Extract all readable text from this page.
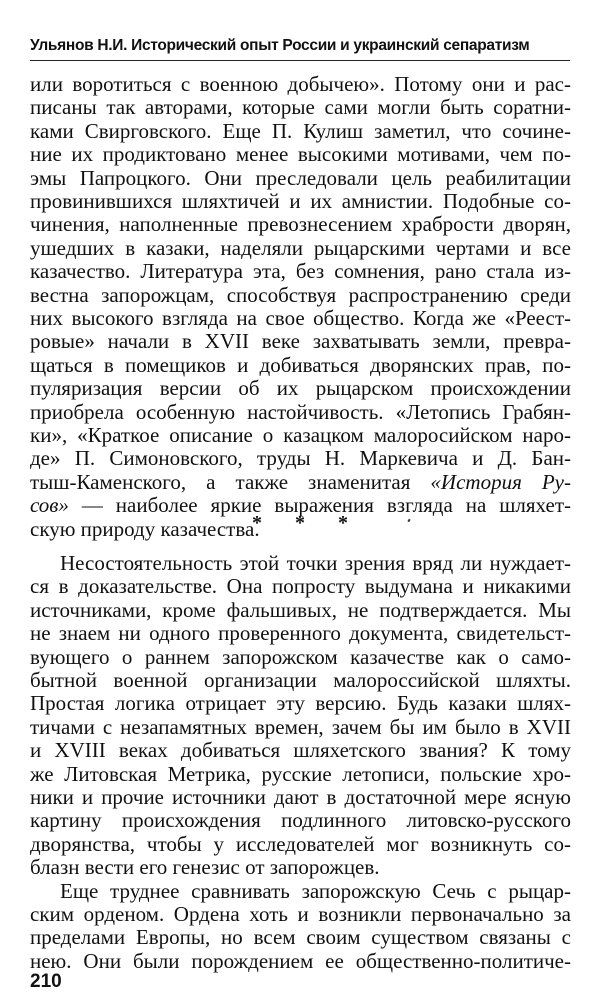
Ульянов Н.И. Исторический опыт России и украинский сепаратизм
или воротиться с военною добычею». Потому они и рас-
писаны так авторами, которые сами могли быть соратни-
ками Свирговского. Еще П. Кулиш заметил, что сочине-
ние их продиктовано менее высокими мотивами, чем по-
эмы Папроцкого. Они преследовали цель реабилитации
провинившихся шляхтичей и их амнистии. Подобные со-
чинения, наполненные превознесением храбрости дворян,
ушедших в казаки, наделяли рыцарскими чертами и все
казачество. Литература эта, без сомнения, рано стала из-
вестна запорожцам, способствуя распространению среди
них высокого взгляда на свое общество. Когда же «Реест-
ровые» начали в XVII веке захватывать земли, превра-
щаться в помещиков и добиваться дворянских прав, по-
пуляризация версии об их рыцарском происхождении
приобрела особенную настойчивость. «Летопись Грабян-
ки», «Краткое описание о казацком малоросийском наро-
де» П. Симоновского, труды Н. Маркевича и Д. Бан-
тыш-Каменского, а также знаменитая «История Ру-
сов» — наиболее яркие выражения взгляда на шляхет-
скую природу казачества.
* * *
Несостоятельность этой точки зрения вряд ли нуждает-
ся в доказательстве. Она попросту выдумана и никакими
источниками, кроме фальшивых, не подтверждается. Мы
не знаем ни одного проверенного документа, свидетельст-
вующего о раннем запорожском казачестве как о само-
бытной военной организации малороссийской шляхты.
Простая логика отрицает эту версию. Будь казаки шлях-
тичами с незапамятных времен, зачем бы им было в XVII
и XVIII веках добиваться шляхетского звания? К тому
же Литовская Метрика, русские летописи, польские хро-
ники и прочие источники дают в достаточной мере ясную
картину происхождения подлинного литовско-русского
дворянства, чтобы у исследователей мог возникнуть со-
блазн вести его генезис от запорожцев.
Еще труднее сравнивать запорожскую Сечь с рыцар-
ским орденом. Ордена хоть и возникли первоначально за
пределами Европы, но всем своим существом связаны с
нею. Они были порождением ее общественно-политиче-
210
